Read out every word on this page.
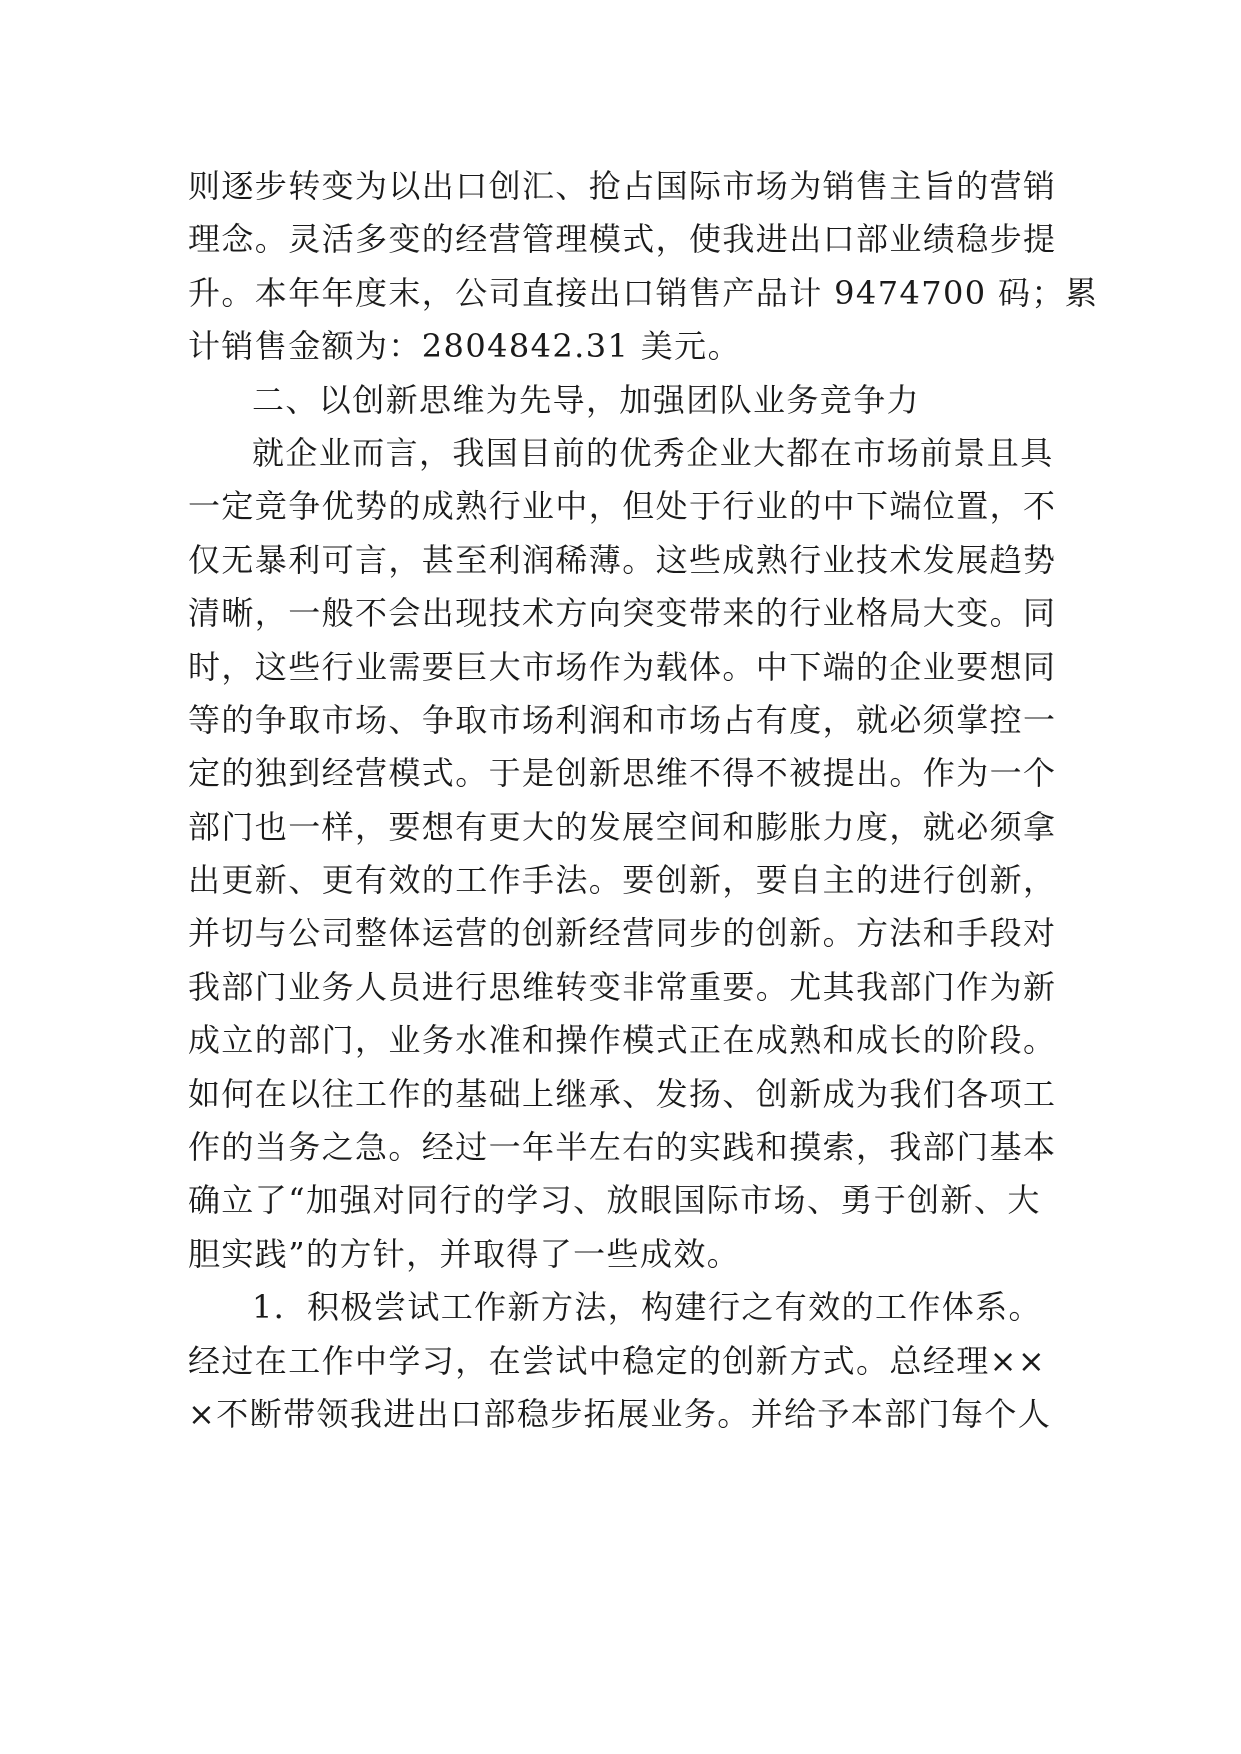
则逐步转变为以出口创汇、抢占国际市场为销售主旨的营销
理念。灵活多变的经营管理模式，使我进出口部业绩稳步提
升。本年年度末，公司直接出口销售产品计 9474700 码；累
计销售金额为：2804842.31 美元。
二、以创新思维为先导，加强团队业务竞争力
就企业而言，我国目前的优秀企业大都在市场前景且具
一定竞争优势的成熟行业中，但处于行业的中下端位置，不
仅无暴利可言，甚至利润稀薄。这些成熟行业技术发展趋势
清晰，一般不会出现技术方向突变带来的行业格局大变。同
时，这些行业需要巨大市场作为载体。中下端的企业要想同
等的争取市场、争取市场利润和市场占有度，就必须掌控一
定的独到经营模式。于是创新思维不得不被提出。作为一个
部门也一样，要想有更大的发展空间和膨胀力度，就必须拿
出更新、更有效的工作手法。要创新，要自主的进行创新，
并切与公司整体运营的创新经营同步的创新。方法和手段对
我部门业务人员进行思维转变非常重要。尤其我部门作为新
成立的部门，业务水准和操作模式正在成熟和成长的阶段。
如何在以往工作的基础上继承、发扬、创新成为我们各项工
作的当务之急。经过一年半左右的实践和摸索，我部门基本
确立了“加强对同行的学习、放眼国际市场、勇于创新、大
胆实践”的方针，并取得了一些成效。
1．积极尝试工作新方法，构建行之有效的工作体系。
经过在工作中学习，在尝试中稳定的创新方式。总经理××
×不断带领我进出口部稳步拓展业务。并给予本部门每个人
